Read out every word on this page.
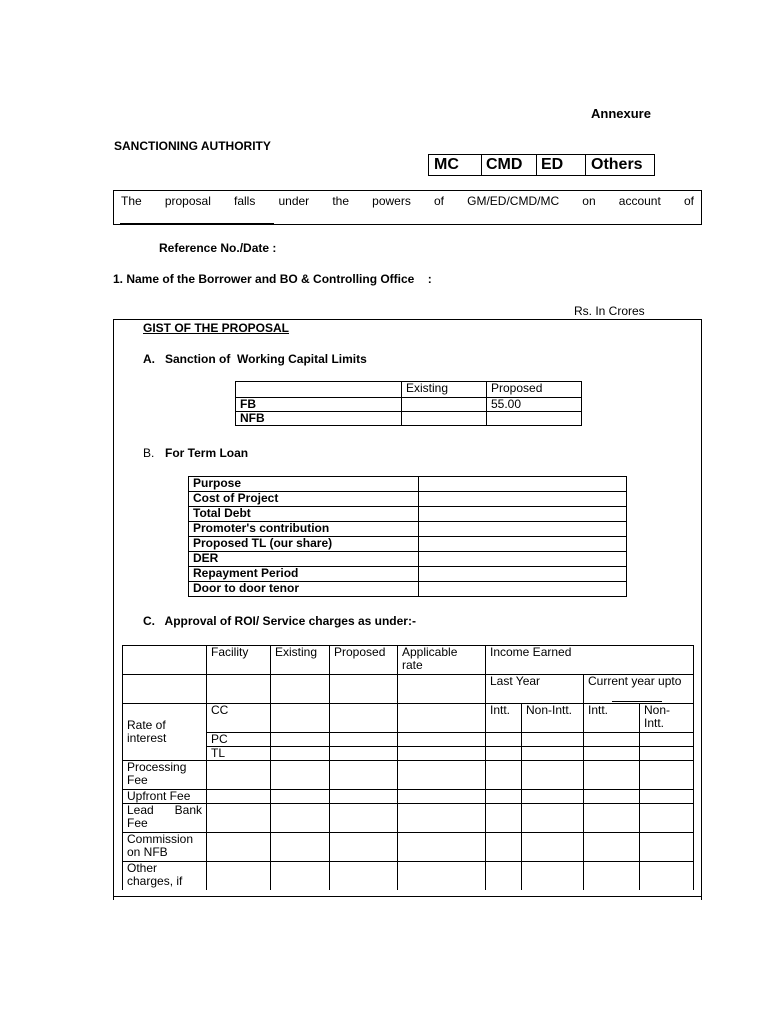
Annexure
SANCTIONING AUTHORITY
MC	CMD	ED	Others
The proposal falls under the powers of GM/ED/CMD/MC on account of
Reference No./Date :
1. Name of the Borrower and BO & Controlling Office    :
Rs. In Crores
GIST OF THE PROPOSAL
A.   Sanction of  Working Capital Limits
	Existing	Proposed
FB		55.00
NFB		
B. For Term Loan
Purpose	
Cost of Project	
Total Debt	
Promoter's contribution	
Proposed TL (our share)	
DER	
Repayment Period	
Door to door tenor	
C.   Approval of ROI/ Service charges as under:-
	Facility	Existing	Proposed	Applicable rate	Income Earned			
					Last Year		Current year upto	

Rate of interest	CC				Intt.	Non-Intt.	Intt.	Non-Intt.
	PC							
	TL							
Processing Fee								
Upfront Fee								
Lead Bank Fee								
Commission on NFB								
Other charges, if								
